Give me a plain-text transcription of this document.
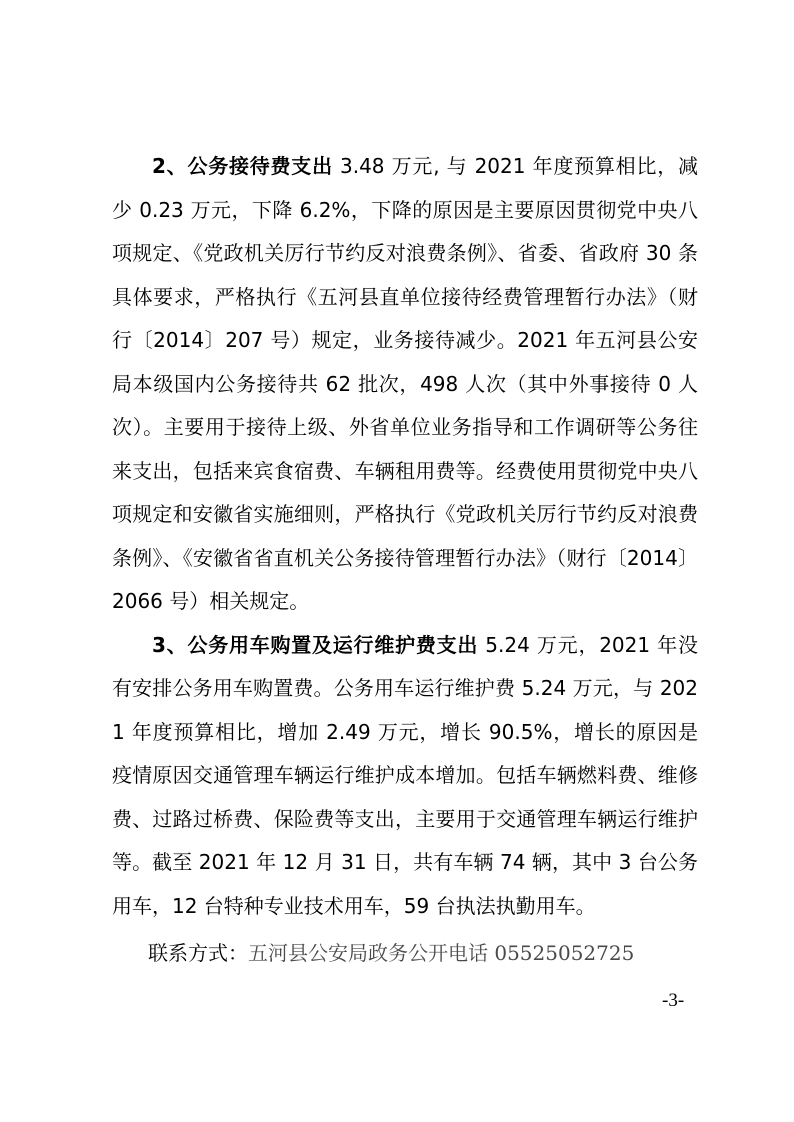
2、公务接待费支出 3.48 万元, 与 2021 年度预算相比，减少 0.23 万元，下降 6.2%，下降的原因是主要原因贯彻党中央八项规定、《党政机关厉行节约反对浪费条例》、省委、省政府 30 条具体要求，严格执行《五河县直单位接待经费管理暂行办法》（财行〔2014〕207 号）规定，业务接待减少。2021 年五河县公安局本级国内公务接待共 62 批次，498 人次（其中外事接待 0 人次）。主要用于接待上级、外省单位业务指导和工作调研等公务往来支出，包括来宾食宿费、车辆租用费等。经费使用贯彻党中央八项规定和安徽省实施细则，严格执行《党政机关厉行节约反对浪费条例》、《安徽省省直机关公务接待管理暂行办法》（财行〔2014〕2066 号）相关规定。

3、公务用车购置及运行维护费支出 5.24 万元，2021 年没有安排公务用车购置费。公务用车运行维护费 5.24 万元，与 2021 年度预算相比，增加 2.49 万元，增长 90.5%，增长的原因是疫情原因交通管理车辆运行维护成本增加。包括车辆燃料费、维修费、过路过桥费、保险费等支出，主要用于交通管理车辆运行维护等。截至 2021 年 12 月 31 日，共有车辆 74 辆，其中 3 台公务用车，12 台特种专业技术用车，59 台执法执勤用车。

联系方式：五河县公安局政务公开电话 05525052725
-3-
